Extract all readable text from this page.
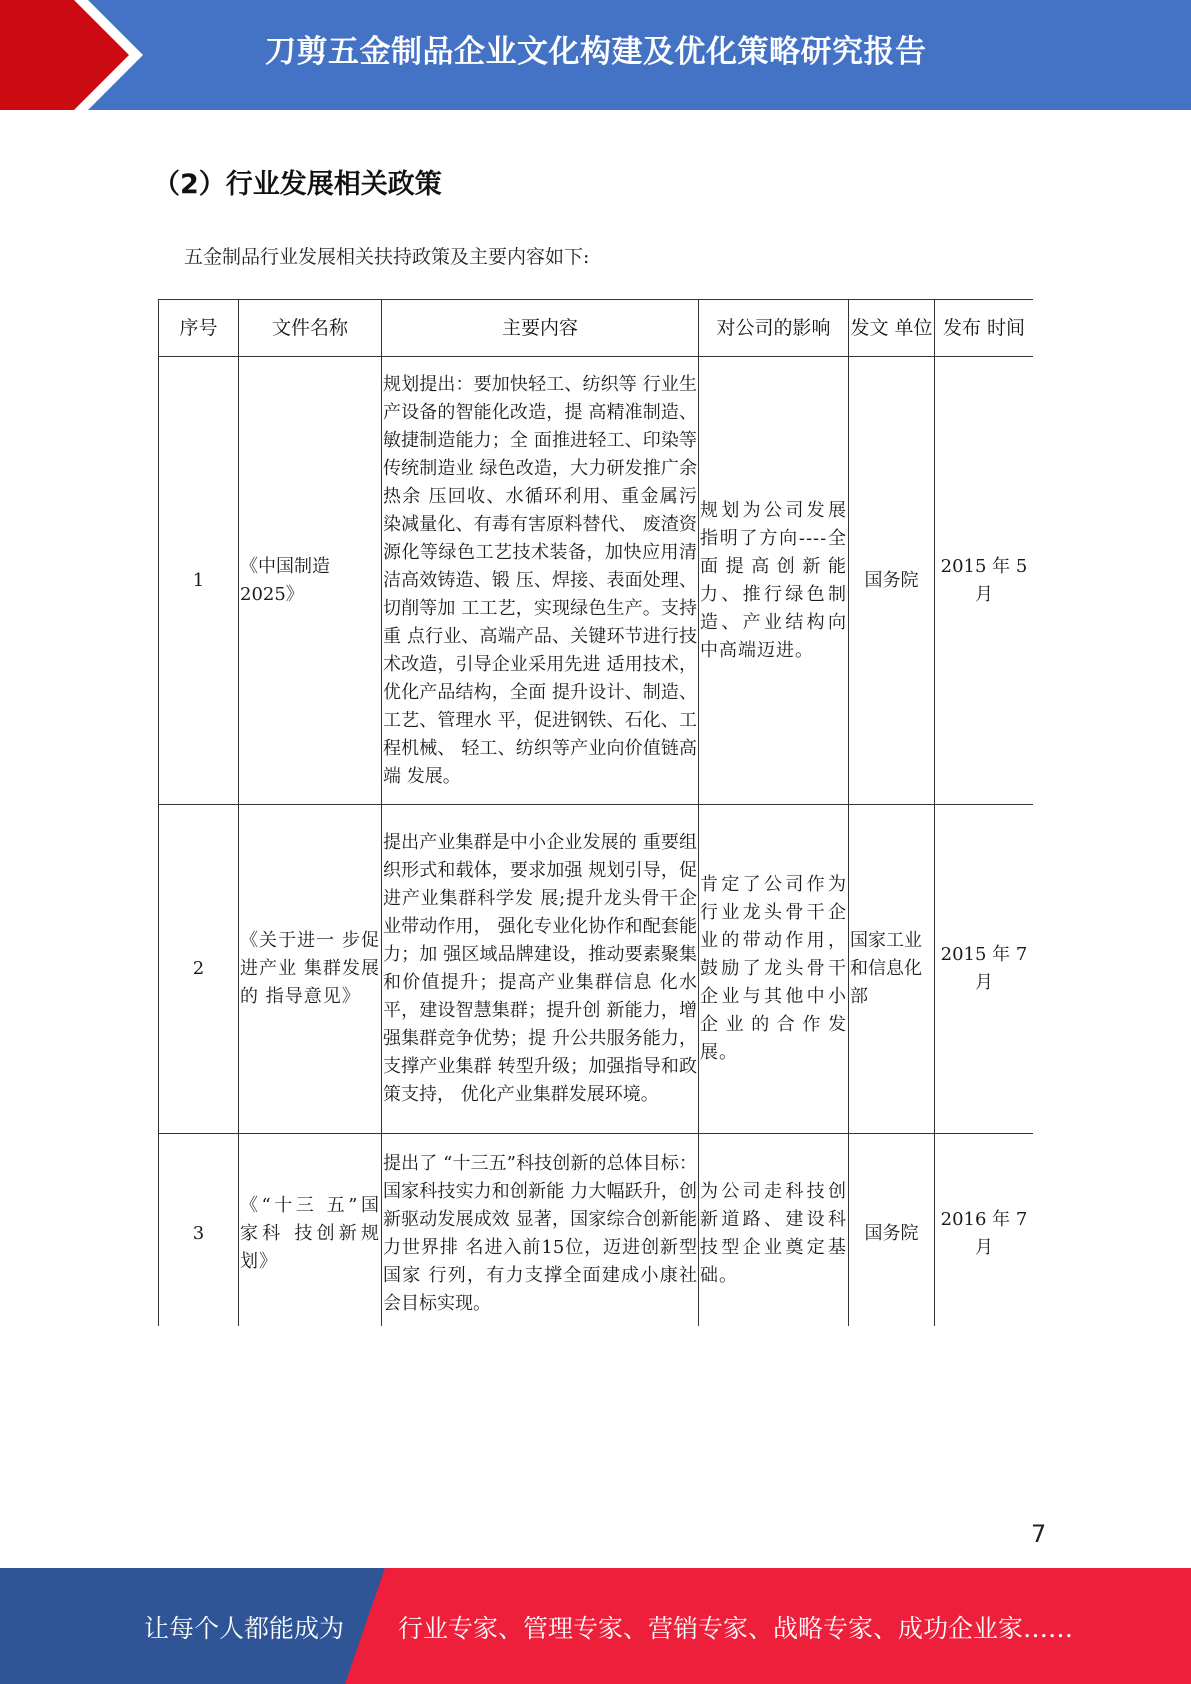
刀剪五金制品企业文化构建及优化策略研究报告
（2）行业发展相关政策
五金制品行业发展相关扶持政策及主要内容如下:
序号	文件名称	主要内容	对公司的影响	发文 单位	发布 时间
1	《中国制造 2025》	规划提出：要加快轻工、纺织等 行业生产设备的智能化改造，提 高精准制造、敏捷制造能力；全 面推进轻工、印染等传统制造业 绿色改造，大力研发推广余热余 压回收、水循环利用、重金属污 染减量化、有毒有害原料替代、 废渣资源化等绿色工艺技术装备，加快应用清洁高效铸造、锻 压、焊接、表面处理、切削等加 工工艺，实现绿色生产。支持重 点行业、高端产品、关键环节进行技术改造，引导企业采用先进 适用技术，优化产品结构，全面 提升设计、制造、工艺、管理水 平，促进钢铁、石化、工程机械、 轻工、纺织等产业向价值链高端 发展。	规划为公司发展指明了方向----全面提高创新能力、推行绿色制造、产业结构向中高端迈进。	国务院	2015 年 5 月
2	《关于进一 步促进产业 集群发展的 指导意见》	提出产业集群是中小企业发展的 重要组织形式和载体，要求加强 规划引导，促进产业集群科学发 展;提升龙头骨干企业带动作用， 强化专业化协作和配套能力；加 强区域品牌建设，推动要素聚集 和价值提升；提高产业集群信息 化水平，建设智慧集群；提升创 新能力，增强集群竞争优势；提 升公共服务能力，支撑产业集群 转型升级；加强指导和政策支持， 优化产业集群发展环境。	肯定了公司作为行业龙头骨干企业的带动作用，鼓励了龙头骨干企业与其他中小企业的合作发 展。	国家工业和信息化部	2015 年 7 月
3	《“十三 五”国家科 技创新规划》	提出了 “十三五”科技创新的总体目标：国家科技实力和创新能 力大幅跃升，创新驱动发展成效 显著，国家综合创新能力世界排 名进入前15位，迈进创新型国家 行列，有力支撑全面建成小康社 会目标实现。	为公司走科技创新道路、建设科技型企业奠定基础。	国务院	2016 年 7 月
7
让每个人都能成为 行业专家、管理专家、营销专家、战略专家、成功企业家……
